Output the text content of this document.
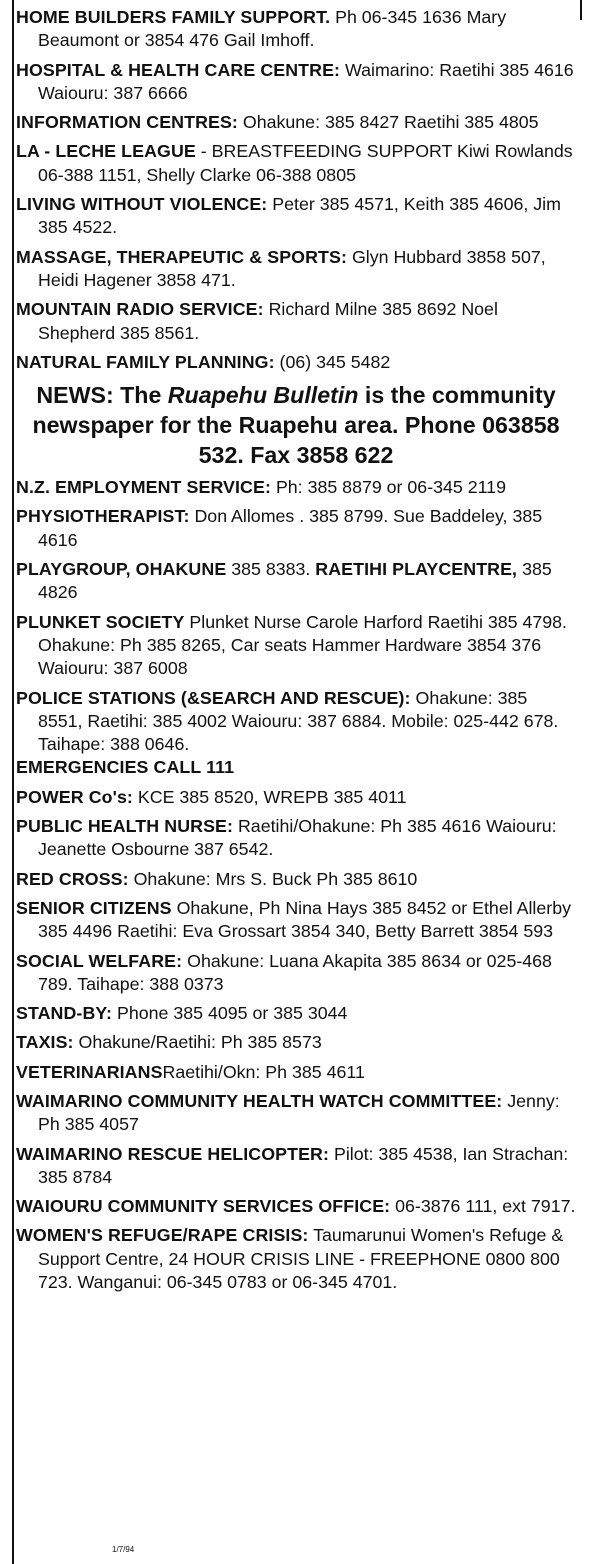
HOME BUILDERS FAMILY SUPPORT. Ph 06-345 1636 Mary Beaumont or 3854 476 Gail Imhoff.

HOSPITAL & HEALTH CARE CENTRE: Waimarino: Raetihi 385 4616 Waiouru: 387 6666

INFORMATION CENTRES: Ohakune: 385 8427 Raetihi 385 4805

LA - LECHE LEAGUE - BREASTFEEDING SUPPORT Kiwi Rowlands 06-388 1151, Shelly Clarke 06-388 0805

LIVING WITHOUT VIOLENCE: Peter 385 4571, Keith 385 4606, Jim 385 4522.

MASSAGE, THERAPEUTIC & SPORTS: Glyn Hubbard 3858 507, Heidi Hagener 3858 471.

MOUNTAIN RADIO SERVICE: Richard Milne 385 8692 Noel Shepherd 385 8561.

NATURAL FAMILY PLANNING: (06) 345 5482

NEWS: The Ruapehu Bulletin is the community newspaper for the Ruapehu area. Phone 063858 532. Fax 3858 622

N.Z. EMPLOYMENT SERVICE: Ph: 385 8879 or 06-345 2119

PHYSIOTHERAPIST: Don Allomes . 385 8799. Sue Baddeley, 385 4616

PLAYGROUP, OHAKUNE 385 8383. RAETIHI PLAYCENTRE, 385 4826

PLUNKET SOCIETY Plunket Nurse Carole Harford Raetihi 385 4798. Ohakune: Ph 385 8265, Car seats Hammer Hardware 3854 376 Waiouru: 387 6008

POLICE STATIONS (&SEARCH AND RESCUE): Ohakune: 385 8551, Raetihi: 385 4002 Waiouru: 387 6884. Mobile: 025-442 678. Taihape: 388 0646.
EMERGENCIES CALL 111

POWER Co's: KCE 385 8520, WREPB 385 4011

PUBLIC HEALTH NURSE: Raetihi/Ohakune: Ph 385 4616 Waiouru: Jeanette Osbourne 387 6542.

RED CROSS: Ohakune: Mrs S. Buck Ph 385 8610

SENIOR CITIZENS Ohakune, Ph Nina Hays 385 8452 or Ethel Allerby 385 4496 Raetihi: Eva Grossart 3854 340, Betty Barrett 3854 593

SOCIAL WELFARE: Ohakune: Luana Akapita 385 8634 or 025-468 789. Taihape: 388 0373

STAND-BY: Phone 385 4095 or 385 3044

TAXIS: Ohakune/Raetihi: Ph 385 8573

VETERINARIANSRaetihi/Okn: Ph 385 4611

WAIMARINO COMMUNITY HEALTH WATCH COMMITTEE: Jenny: Ph 385 4057

WAIMARINO RESCUE HELICOPTER: Pilot: 385 4538, Ian Strachan: 385 8784

WAIOURU COMMUNITY SERVICES OFFICE: 06-3876 111, ext 7917.

WOMEN'S REFUGE/RAPE CRISIS: Taumarunui Women's Refuge & Support Centre, 24 HOUR CRISIS LINE - FREEPHONE 0800 800 723. Wanganui: 06-345 0783 or 06-345 4701.

1/7/94
